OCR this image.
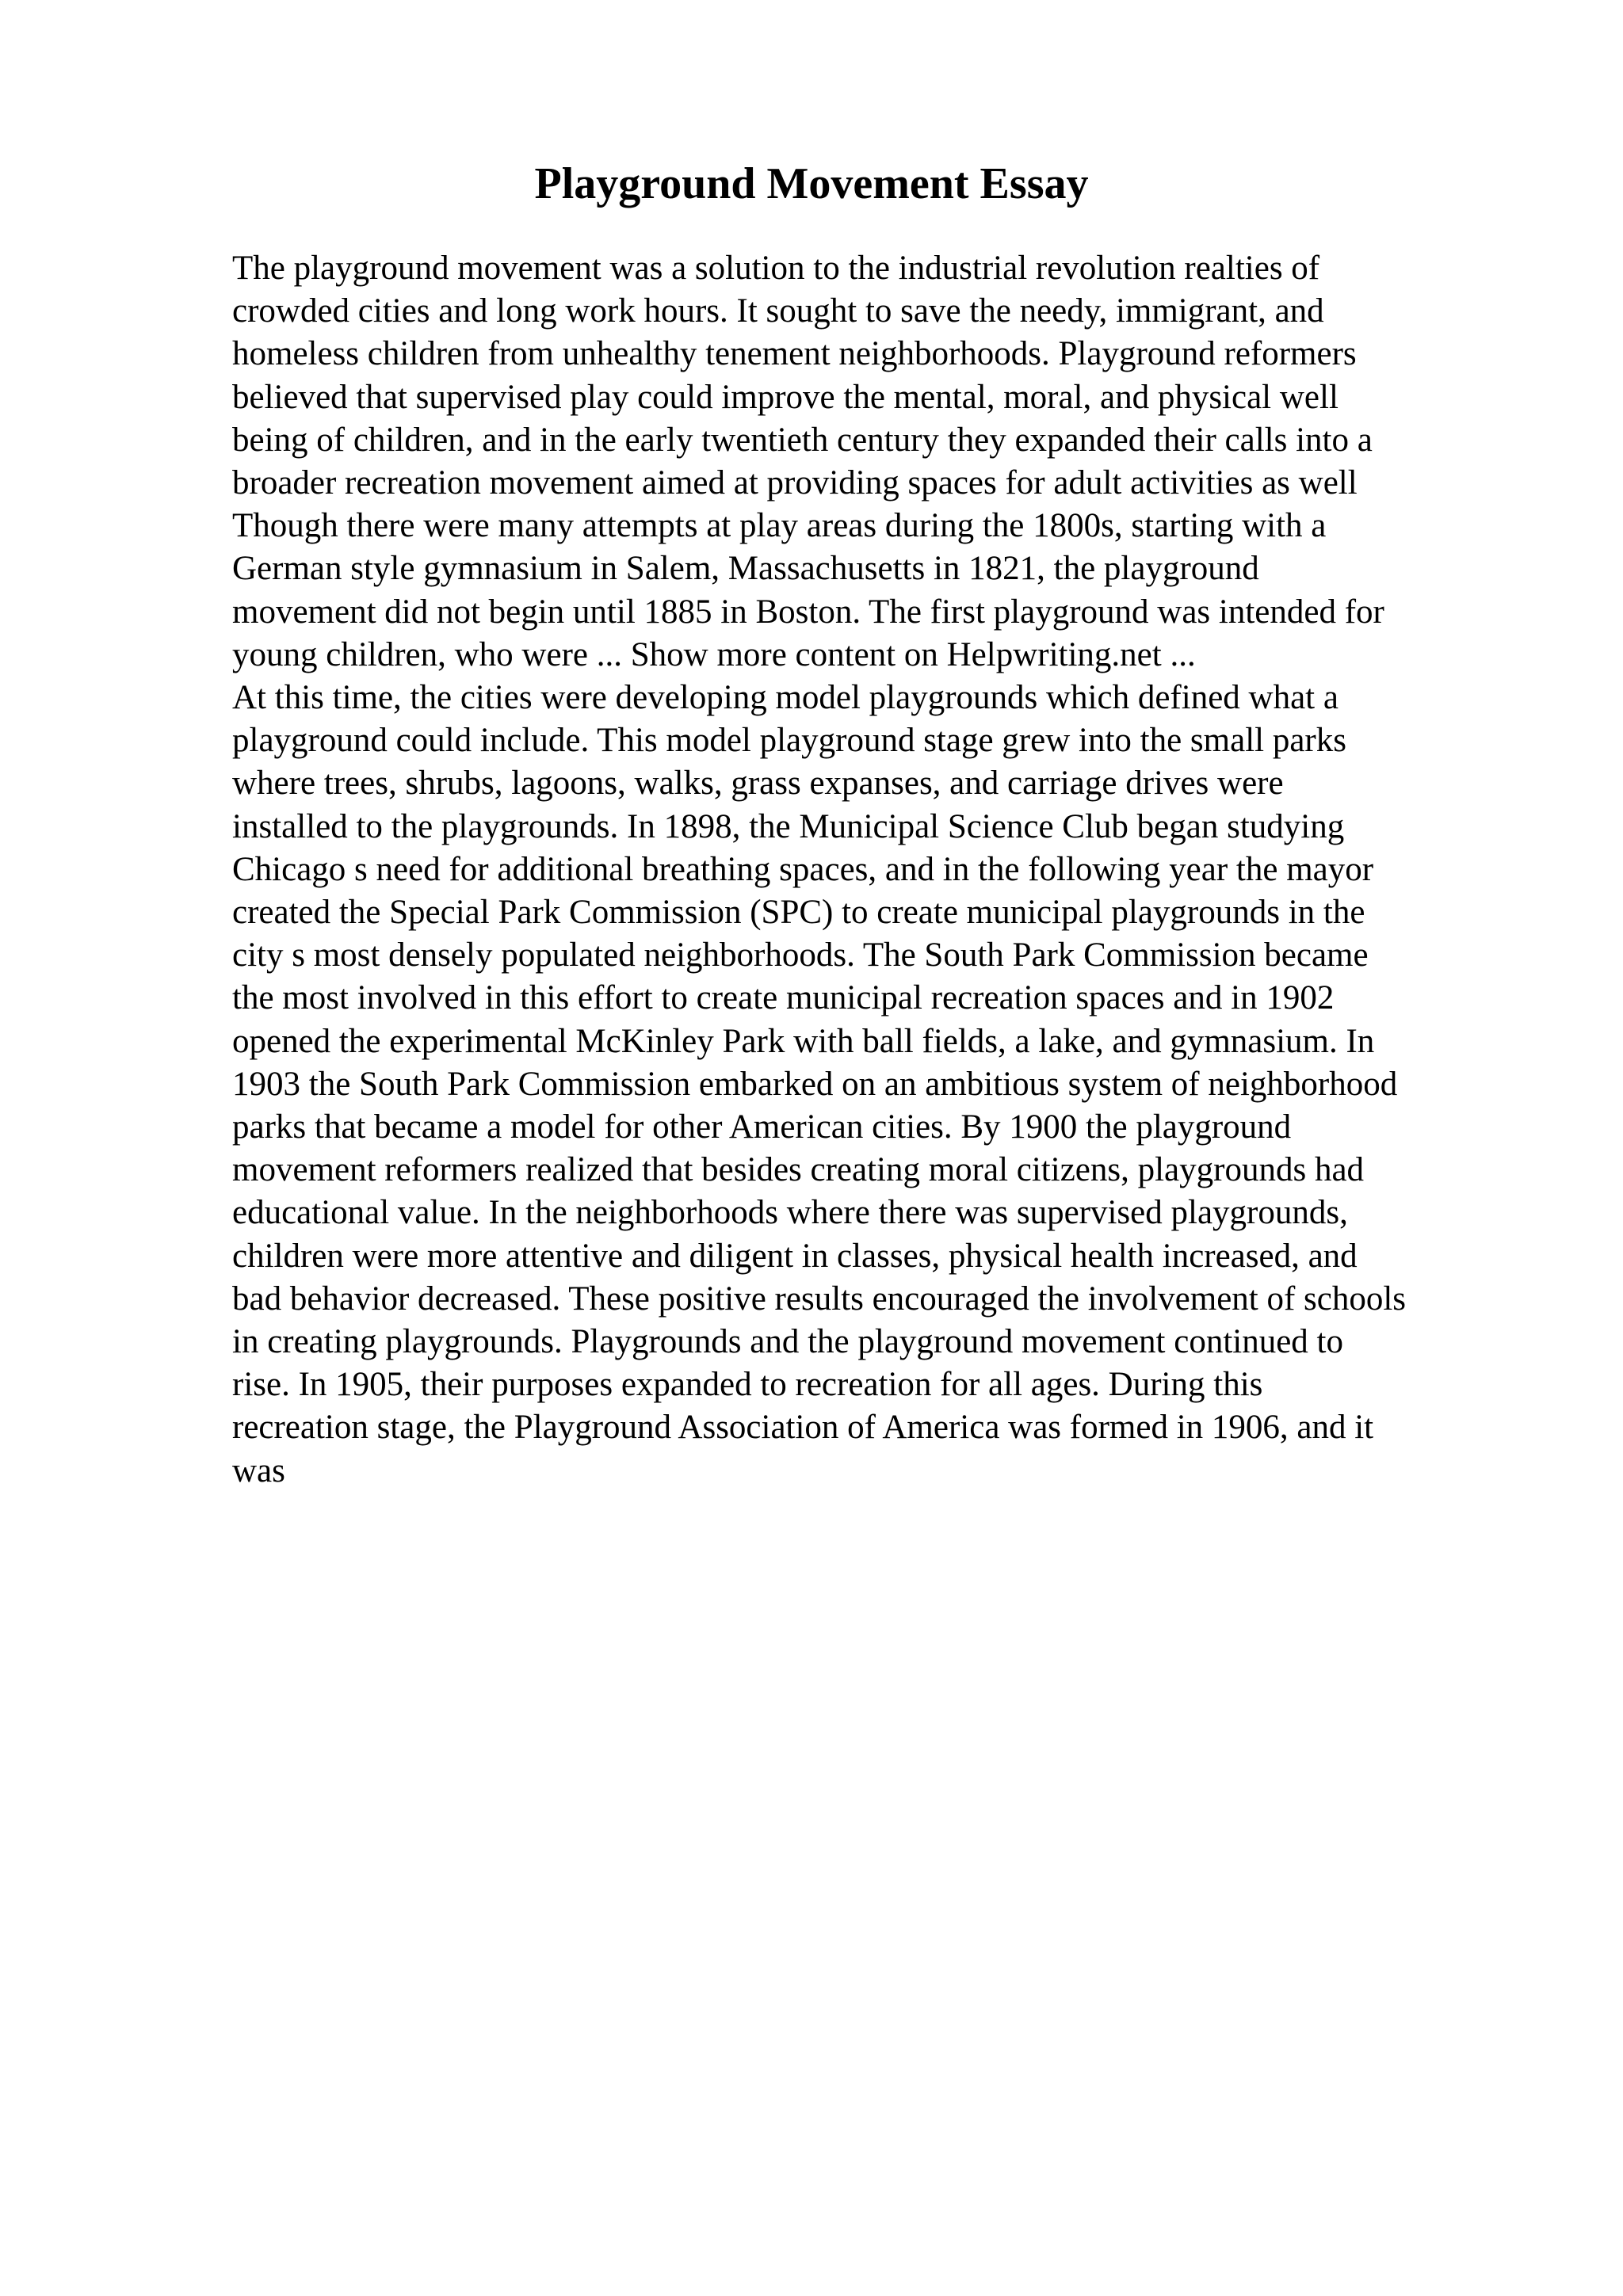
Playground Movement Essay
The playground movement was a solution to the industrial revolution realties of
crowded cities and long work hours. It sought to save the needy, immigrant, and
homeless children from unhealthy tenement neighborhoods. Playground reformers
believed that supervised play could improve the mental, moral, and physical well
being of children, and in the early twentieth century they expanded their calls into a
broader recreation movement aimed at providing spaces for adult activities as well
Though there were many attempts at play areas during the 1800s, starting with a
German style gymnasium in Salem, Massachusetts in 1821, the playground
movement did not begin until 1885 in Boston. The first playground was intended for
young children, who were ... Show more content on Helpwriting.net ...
At this time, the cities were developing model playgrounds which defined what a
playground could include. This model playground stage grew into the small parks
where trees, shrubs, lagoons, walks, grass expanses, and carriage drives were
installed to the playgrounds. In 1898, the Municipal Science Club began studying
Chicago s need for additional breathing spaces, and in the following year the mayor
created the Special Park Commission (SPC) to create municipal playgrounds in the
city s most densely populated neighborhoods. The South Park Commission became
the most involved in this effort to create municipal recreation spaces and in 1902
opened the experimental McKinley Park with ball fields, a lake, and gymnasium. In
1903 the South Park Commission embarked on an ambitious system of neighborhood
parks that became a model for other American cities. By 1900 the playground
movement reformers realized that besides creating moral citizens, playgrounds had
educational value. In the neighborhoods where there was supervised playgrounds,
children were more attentive and diligent in classes, physical health increased, and
bad behavior decreased. These positive results encouraged the involvement of schools
in creating playgrounds. Playgrounds and the playground movement continued to
rise. In 1905, their purposes expanded to recreation for all ages. During this
recreation stage, the Playground Association of America was formed in 1906, and it
was
